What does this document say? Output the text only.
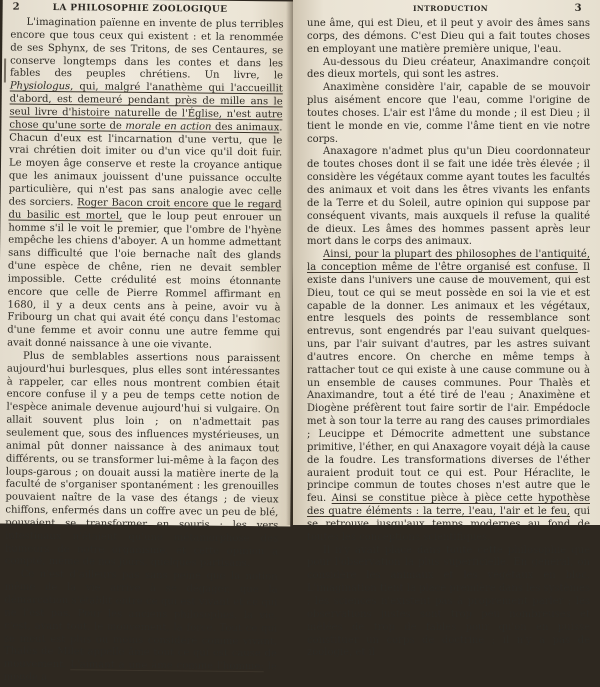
2	LA PHILOSOPHIE ZOOLOGIQUE

L'imagination païenne en invente de plus terribles encore que tous ceux qui existent : et la renommée de ses Sphynx, de ses Tritons, de ses Centaures, se conserve longtemps dans les contes et dans les fables des peuples chrétiens. Un livre, le Physiologus, qui, malgré l'anathème qui l'accueillit d'abord, est demeuré pendant près de mille ans le seul livre d'histoire naturelle de l'Église, n'est autre chose qu'une sorte de morale en action des animaux. Chacun d'eux est l'incarnation d'une vertu, que le vrai chrétien doit imiter ou d'un vice qu'il doit fuir. Le moyen âge conserve et reste la croyance antique que les animaux jouissent d'une puissance occulte particulière, qui n'est pas sans analogie avec celle des sorciers. Roger Bacon croit encore que le regard du basilic est mortel, que le loup peut enrouer un homme s'il le voit le premier, que l'ombre de l'hyène empêche les chiens d'aboyer. A un homme admettant sans difficulté que l'oie bernache naît des glands d'une espèce de chêne, rien ne devait sembler impossible. Cette crédulité est moins étonnante encore que celle de Pierre Rommel affirmant en 1680, il y a deux cents ans à peine, avoir vu à Fribourg un chat qui avait été conçu dans l'estomac d'une femme et avoir connu une autre femme qui avait donné naissance à une oie vivante.

Plus de semblables assertions nous paraissent aujourd'hui burlesques, plus elles sont intéressantes à rappeler, car elles nous montrent combien était encore confuse il y a peu de temps cette notion de l'espèce animale devenue aujourd'hui si vulgaire. On allait souvent plus loin ; on n'admettait pas seulement que, sous des influences mystérieuses, un animal pût donner naissance à des animaux tout différents, ou se transformer lui-même à la façon des loups-garous ; on douait aussi la matière inerte de la faculté de s'organiser spontanément : les grenouilles pouvaient naître de la vase des étangs ; de vieux chiffons, enfermés dans un coffre avec un peu de blé, pouvaient se transformer en souris ; les vers intestinaux n'étaient qu'une métamorphose des humeurs de notre organisme, et cette opinion a compté, même de nos jours, quelques partisans.

Ce n'est d'ailleurs pas sans peine que la notion même de la vie arrive à se dégager, que la démarcation s'établit entre ce qui est vivant et ce qui ne l'est pas. Pour les anciens philosophes, la vie, c'est, avant tout, le mouvement, la force. Tout ce qui se meut est plus ou moins considéré comme vivant. Thalès de Milet appelle âme tout ce qui est cause de mouvement. L'aimant a une âme comme l'homme; le monde a

INTRODUCTION	3

une âme, qui est Dieu, et il peut y avoir des âmes sans corps, des démons. C'est Dieu qui a fait toutes choses en employant une matière première unique, l'eau.

Au-dessous du Dieu créateur, Anaximandre conçoit des dieux mortels, qui sont les astres.

Anaximène considère l'air, capable de se mouvoir plus aisément encore que l'eau, comme l'origine de toutes choses. L'air est l'âme du monde ; il est Dieu ; il tient le monde en vie, comme l'âme tient en vie notre corps.

Anaxagore n'admet plus qu'un Dieu coordonnateur de toutes choses dont il se fait une idée très élevée ; il considère les végétaux comme ayant toutes les facultés des animaux et voit dans les êtres vivants les enfants de la Terre et du Soleil, autre opinion qui suppose par conséquent vivants, mais auxquels il refuse la qualité de dieux. Les âmes des hommes passent après leur mort dans le corps des animaux.

Ainsi, pour la plupart des philosophes de l'antiquité, la conception même de l'être organisé est confuse. Il existe dans l'univers une cause de mouvement, qui est Dieu, tout ce qui se meut possède en soi la vie et est capable de la donner. Les animaux et les végétaux, entre lesquels des points de ressemblance sont entrevus, sont engendrés par l'eau suivant quelques-uns, par l'air suivant d'autres, par les astres suivant d'autres encore. On cherche en même temps à rattacher tout ce qui existe à une cause commune ou à un ensemble de causes communes. Pour Thalès et Anaximandre, tout a été tiré de l'eau ; Anaximène et Diogène préfèrent tout faire sortir de l'air. Empédocle met à son tour la terre au rang des causes primordiales ; Leucippe et Démocrite admettent une substance primitive, l'éther, en qui Anaxagore voyait déjà la cause de la foudre. Les transformations diverses de l'éther auraient produit tout ce qui est. Pour Héraclite, le principe commun de toutes choses n'est autre que le feu. Ainsi se constitue pièce à pièce cette hypothèse des quatre éléments : la terre, l'eau, l'air et le feu, qui se retrouve jusqu'aux temps modernes au fond de toutes les conceptions scientifiques.

Il n'y avait place dans toute cette philosophie que pour l'observation la plus superficielle. En général, on considère les animaux et les végétaux en bloc. L'imagination tient la place première dans les systèmes ; les sciences n'existent pas à proprement parler ; les observations justes sont trop peu nombreuses et mêlées de trop de fables pour qu'on en puisse constituer un corps de doctrine ; il n'y a pas de zoologie, et il
